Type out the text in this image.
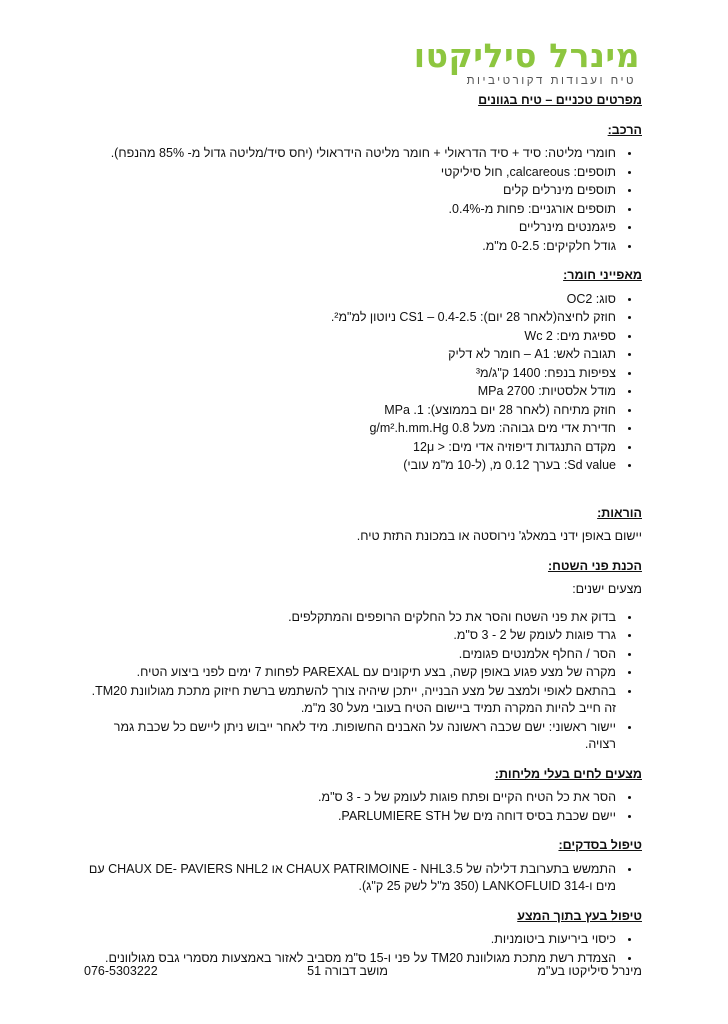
מינרל סיליקטו
טיח ועבודות דקורטיביות
מפרטים טכניים – טיח בגוונים
הרכב:
• חומרי מליטה: סיד + סיד הדראולי + חומר מליטה הידראולי (יחס סיד/מליטה גדול מ- 85% מהנפח).
• תוספים: calcareous, חול סיליקטי
• תוספים מינרלים קלים
• תוספים אורגניים: פחות מ-0.4%.
• פיגמנטים מינרליים
• גודל חלקיקים: 0-2.5 מ"מ.
מאפייני חומר:
• סוג: OC2
• חוזק לחיצה(לאחר 28 יום): CS1 – 0.4-2.5 ניוטון למ"מ².
• ספיגת מים: Wc 2
• תגובה לאש: A1 – חומר לא דליק
• צפיפות בנפח: 1400 ק"ג/מ³
• מודל אלסטיות: 2700 MPa
• חוזק מתיחה (לאחר 28 יום בממוצע): 1. MPa
• חדירת אדי מים גבוהה: מעל 0.8 g/m².h.mm.Hg
• מקדם התנגדות דיפוזיה אדי מים: < 12μ
• Sd value: בערך 0.12 מ, (ל-10 מ"מ עובי)
הוראות:

יישום באופן ידני במאלג' נירוסטה או במכונת התזת טיח.

הכנת פני השטח:

מצעים ישנים:

• בדוק את פני השטח והסר את כל החלקים הרופפים והמתקלפים.
• גרד פוגות לעומק של 2 - 3 ס"מ.
• הסר / החלף אלמנטים פגומים.
• מקרה של מצע פגוע באופן קשה, בצע תיקונים עם PAREXAL לפחות 7 ימים לפני ביצוע הטיח.
• בהתאם לאופי ולמצב של מצע הבנייה, ייתכן שיהיה צורך להשתמש ברשת חיזוק מתכת מגולוונת TM20. זה חייב להיות המקרה תמיד ביישום הטיח בעובי מעל 30 מ"מ.
• יישור ראשוני: ישם שכבה ראשונה על האבנים החשופות. מיד לאחר ייבוש ניתן ליישם כל שכבת גמר רצויה.
מצעים לחים בעלי מליחות:
• הסר את כל הטיח הקיים ופתח פוגות לעומק של כ - 3 ס"מ.
• יישם שכבת בסיס דוחה מים של PARLUMIERE STH.
טיפול בסדקים:
• התמשש בתערובת דלילה של CHAUX PATRIMOINE - NHL3.5 או CHAUX DE- PAVIERS NHL2 עם מים ו-LANKOFLUID 314 (350 מ"ל לשק 25 ק"ג).
טיפול בעץ בתוך המצע
• כיסוי ביריעות ביטומניות.
• הצמדת רשת מתכת מגולוונת TM20 על פני ו-15 ס"מ מסביב לאזור באמצעות מסמרי גבס מגולוונים.
מינרל סיליקטו בע"מ
מושב דבורה 51
076-5303222
